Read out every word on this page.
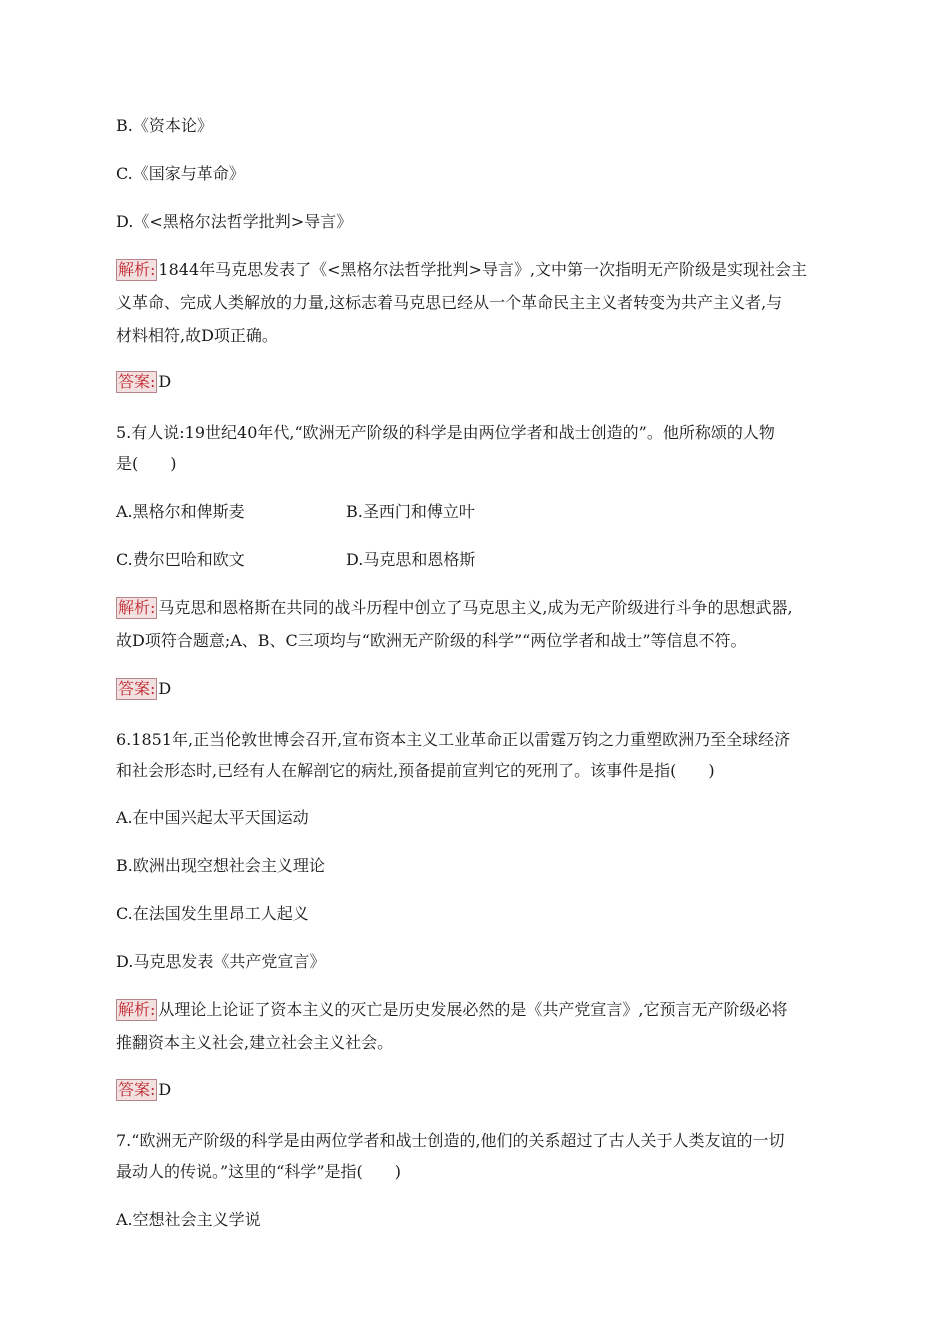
B.《资本论》
C.《国家与革命》
D.《<黑格尔法哲学批判>导言》
解析: 1844年马克思发表了《<黑格尔法哲学批判>导言》,文中第一次指明无产阶级是实现社会主
义革命、完成人类解放的力量,这标志着马克思已经从一个革命民主主义者转变为共产主义者,与
材料相符,故D项正确。
答案: D
5.有人说:19世纪40年代,“欧洲无产阶级的科学是由两位学者和战士创造的”。他所称颂的人物
是(　　)
A.黑格尔和俾斯麦	B.圣西门和傅立叶
C.费尔巴哈和欧文	D.马克思和恩格斯
解析: 马克思和恩格斯在共同的战斗历程中创立了马克思主义,成为无产阶级进行斗争的思想武器,
故D项符合题意;A、B、C三项均与“欧洲无产阶级的科学”“两位学者和战士”等信息不符。
答案: D
6.1851年,正当伦敦世博会召开,宣布资本主义工业革命正以雷霆万钧之力重塑欧洲乃至全球经济
和社会形态时,已经有人在解剖它的病灶,预备提前宣判它的死刑了。该事件是指(　　)
A.在中国兴起太平天国运动
B.欧洲出现空想社会主义理论
C.在法国发生里昂工人起义
D.马克思发表《共产党宣言》
解析: 从理论上论证了资本主义的灭亡是历史发展必然的是《共产党宣言》,它预言无产阶级必将
推翻资本主义社会,建立社会主义社会。
答案: D
7.“欧洲无产阶级的科学是由两位学者和战士创造的,他们的关系超过了古人关于人类友谊的一切
最动人的传说。”这里的“科学”是指(　　)
A.空想社会主义学说
